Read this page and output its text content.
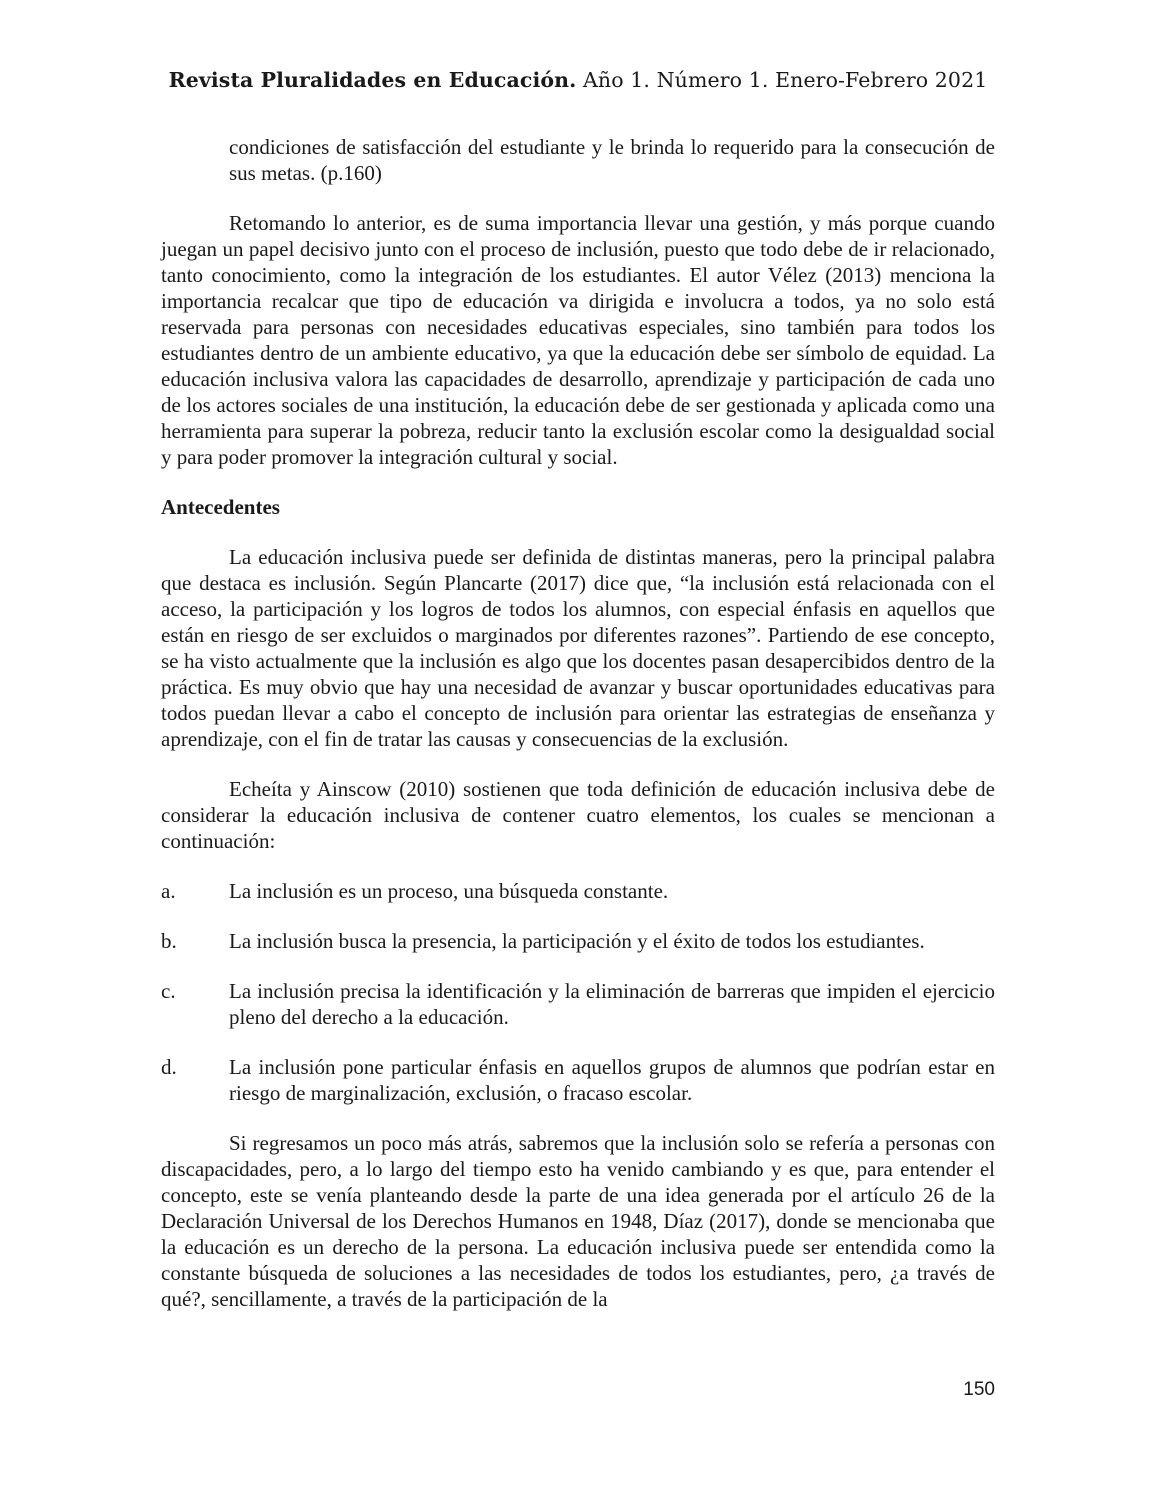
Revista Pluralidades en Educación. Año 1. Número 1. Enero-Febrero 2021

condiciones de satisfacción del estudiante y le brinda lo requerido para la consecución de sus metas. (p.160)

Retomando lo anterior, es de suma importancia llevar una gestión, y más porque cuando juegan un papel decisivo junto con el proceso de inclusión, puesto que todo debe de ir relacionado, tanto conocimiento, como la integración de los estudiantes. El autor Vélez (2013) menciona la importancia recalcar que tipo de educación va dirigida e involucra a todos, ya no solo está reservada para personas con necesidades educativas especiales, sino también para todos los estudiantes dentro de un ambiente educativo, ya que la educación debe ser símbolo de equidad. La educación inclusiva valora las capacidades de desarrollo, aprendizaje y participación de cada uno de los actores sociales de una institución, la educación debe de ser gestionada y aplicada como una herramienta para superar la pobreza, reducir tanto la exclusión escolar como la desigualdad social y para poder promover la integración cultural y social.

Antecedentes

La educación inclusiva puede ser definida de distintas maneras, pero la principal palabra que destaca es inclusión. Según Plancarte (2017) dice que, “la inclusión está relacionada con el acceso, la participación y los logros de todos los alumnos, con especial énfasis en aquellos que están en riesgo de ser excluidos o marginados por diferentes razones”. Partiendo de ese concepto, se ha visto actualmente que la inclusión es algo que los docentes pasan desapercibidos dentro de la práctica. Es muy obvio que hay una necesidad de avanzar y buscar oportunidades educativas para todos puedan llevar a cabo el concepto de inclusión para orientar las estrategias de enseñanza y aprendizaje, con el fin de tratar las causas y consecuencias de la exclusión.

Echeíta y Ainscow (2010) sostienen que toda definición de educación inclusiva debe de considerar la educación inclusiva de contener cuatro elementos, los cuales se mencionan a continuación:

a.	La inclusión es un proceso, una búsqueda constante.
b.	La inclusión busca la presencia, la participación y el éxito de todos los estudiantes.
c.	La inclusión precisa la identificación y la eliminación de barreras que impiden el ejercicio pleno del derecho a la educación.
d.	La inclusión pone particular énfasis en aquellos grupos de alumnos que podrían estar en riesgo de marginalización, exclusión, o fracaso escolar.

Si regresamos un poco más atrás, sabremos que la inclusión solo se refería a personas con discapacidades, pero, a lo largo del tiempo esto ha venido cambiando y es que, para entender el concepto, este se venía planteando desde la parte de una idea generada por el artículo 26 de la Declaración Universal de los Derechos Humanos en 1948, Díaz (2017), donde se mencionaba que la educación es un derecho de la persona. La educación inclusiva puede ser entendida como la constante búsqueda de soluciones a las necesidades de todos los estudiantes, pero, ¿a través de qué?, sencillamente, a través de la participación de la

150
